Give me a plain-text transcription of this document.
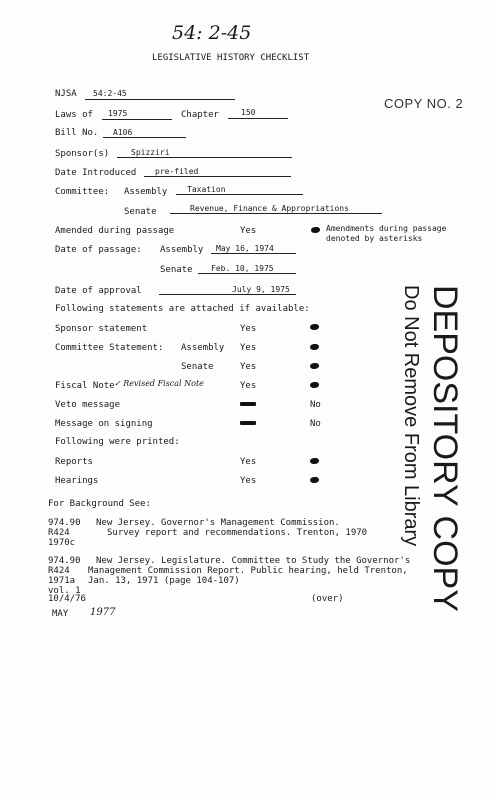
54: 2-45
LEGISLATIVE HISTORY CHECKLIST
COPY NO. 2
NJSA 54:2-45
Laws of 1975	Chapter	150
Bill No. A106
Sponsor(s)	Spizziri
Date Introduced pre-filed
Committee: Assembly Taxation
Senate	Revenue, Finance & Appropriations
Amended during passage	Yes	Amendments during passage
denoted by asterisks
Date of passage: Assembly May 16, 1974
Senate Feb. 10, 1975
Date of approval	July 9, 1975
Following statements are attached if available:
Sponsor statement	Yes
Committee Statement: Assembly Yes
Senate	Yes
Fiscal Note ✓ Revised Fiscal Note	Yes
Veto message	No
Message on signing	No
Following were printed:
Reports	Yes
Hearings	Yes	DEPOSITORY COPY
Do Not Remove From Library
For Background See:
974.90 New Jersey. Governor's Management Commission.
R424	Survey report and recommendations. Trenton, 1970
1970c
974.90 New Jersey. Legislature. Committee to Study the Governor's
R424 Management Commission Report. Public hearing, held Trenton,
1971a Jan. 13, 1971 (page 104-107)
vol. 1
10/4/76	(over)
MAY 1977
